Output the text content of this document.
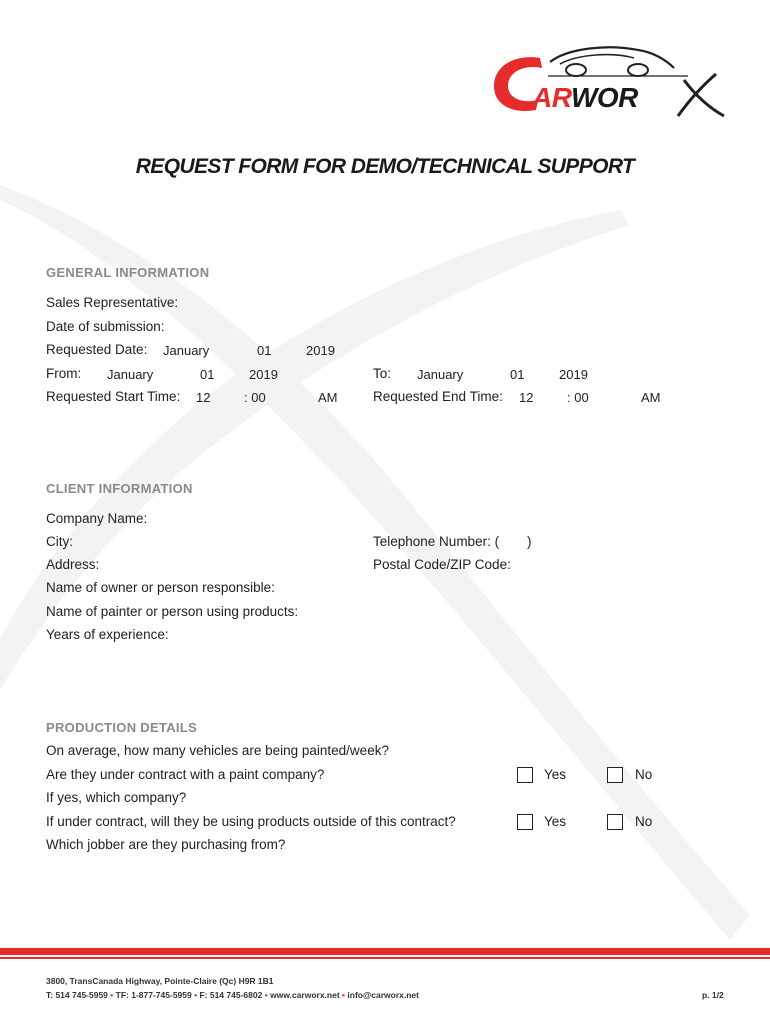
ARWOR
REQUEST FORM FOR DEMO/TECHNICAL SUPPORT
GENERAL INFORMATION
Sales Representative:
Date of submission:
Requested Date: January	01	2019
From: January	01	2019	To: January	01	2019
Requested Start Time: 12	: 00	AM	Requested End Time: 12	: 00	AM
CLIENT INFORMATION
Company Name:
City:	Telephone Number: ( )
Address:	Postal Code/ZIP Code:
Name of owner or person responsible:
Name of painter or person using products:
Years of experience:
PRODUCTION DETAILS
On average, how many vehicles are being painted/week?
Are they under contract with a paint company?	Yes	No
If yes, which company?
If under contract, will they be using products outside of this contract?	Yes	No
Which jobber are they purchasing from?
3800, TransCanada Highway, Pointe-Claire (Qc) H9R 1B1
T: 514 745-5959 • TF: 1-877-745-5959 • F: 514 745-6802 • www.carworx.net • info@carworx.net	p. 1/2
